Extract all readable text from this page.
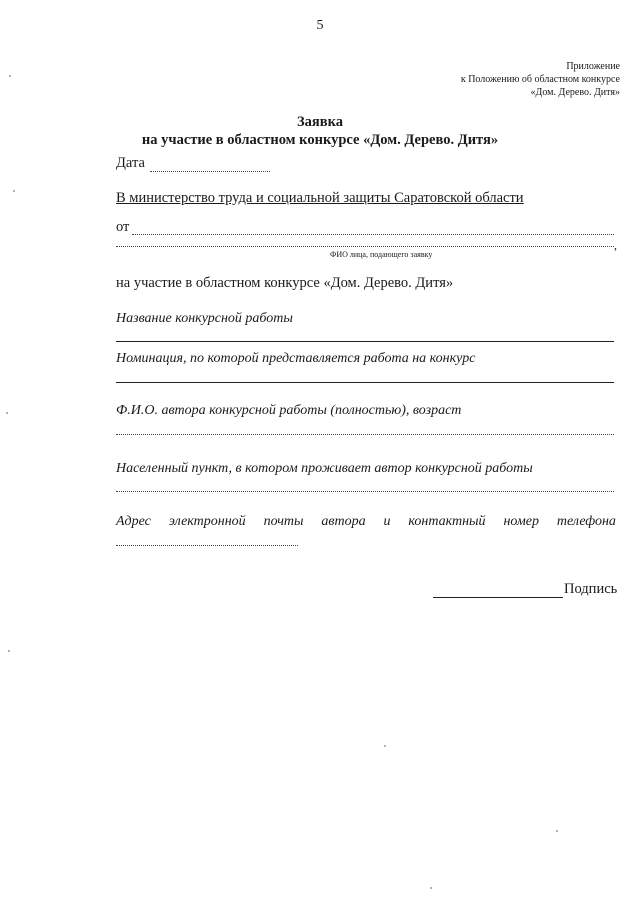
5
Приложение
к Положению об областном конкурсе
«Дом. Дерево. Дитя»
Заявка
на участие в областном конкурсе «Дом. Дерево. Дитя»
Дата
В министерство труда и социальной защиты Саратовской области
от
,
ФИО лица, подающего заявку
на участие в областном конкурсе «Дом. Дерево. Дитя»
Название конкурсной работы
Номинация, по которой представляется работа на конкурс
Ф.И.О. автора конкурсной работы (полностью), возраст
Населенный пункт, в котором проживает автор конкурсной работы
Адрес электронной почты автора и контактный номер телефона
Подпись
